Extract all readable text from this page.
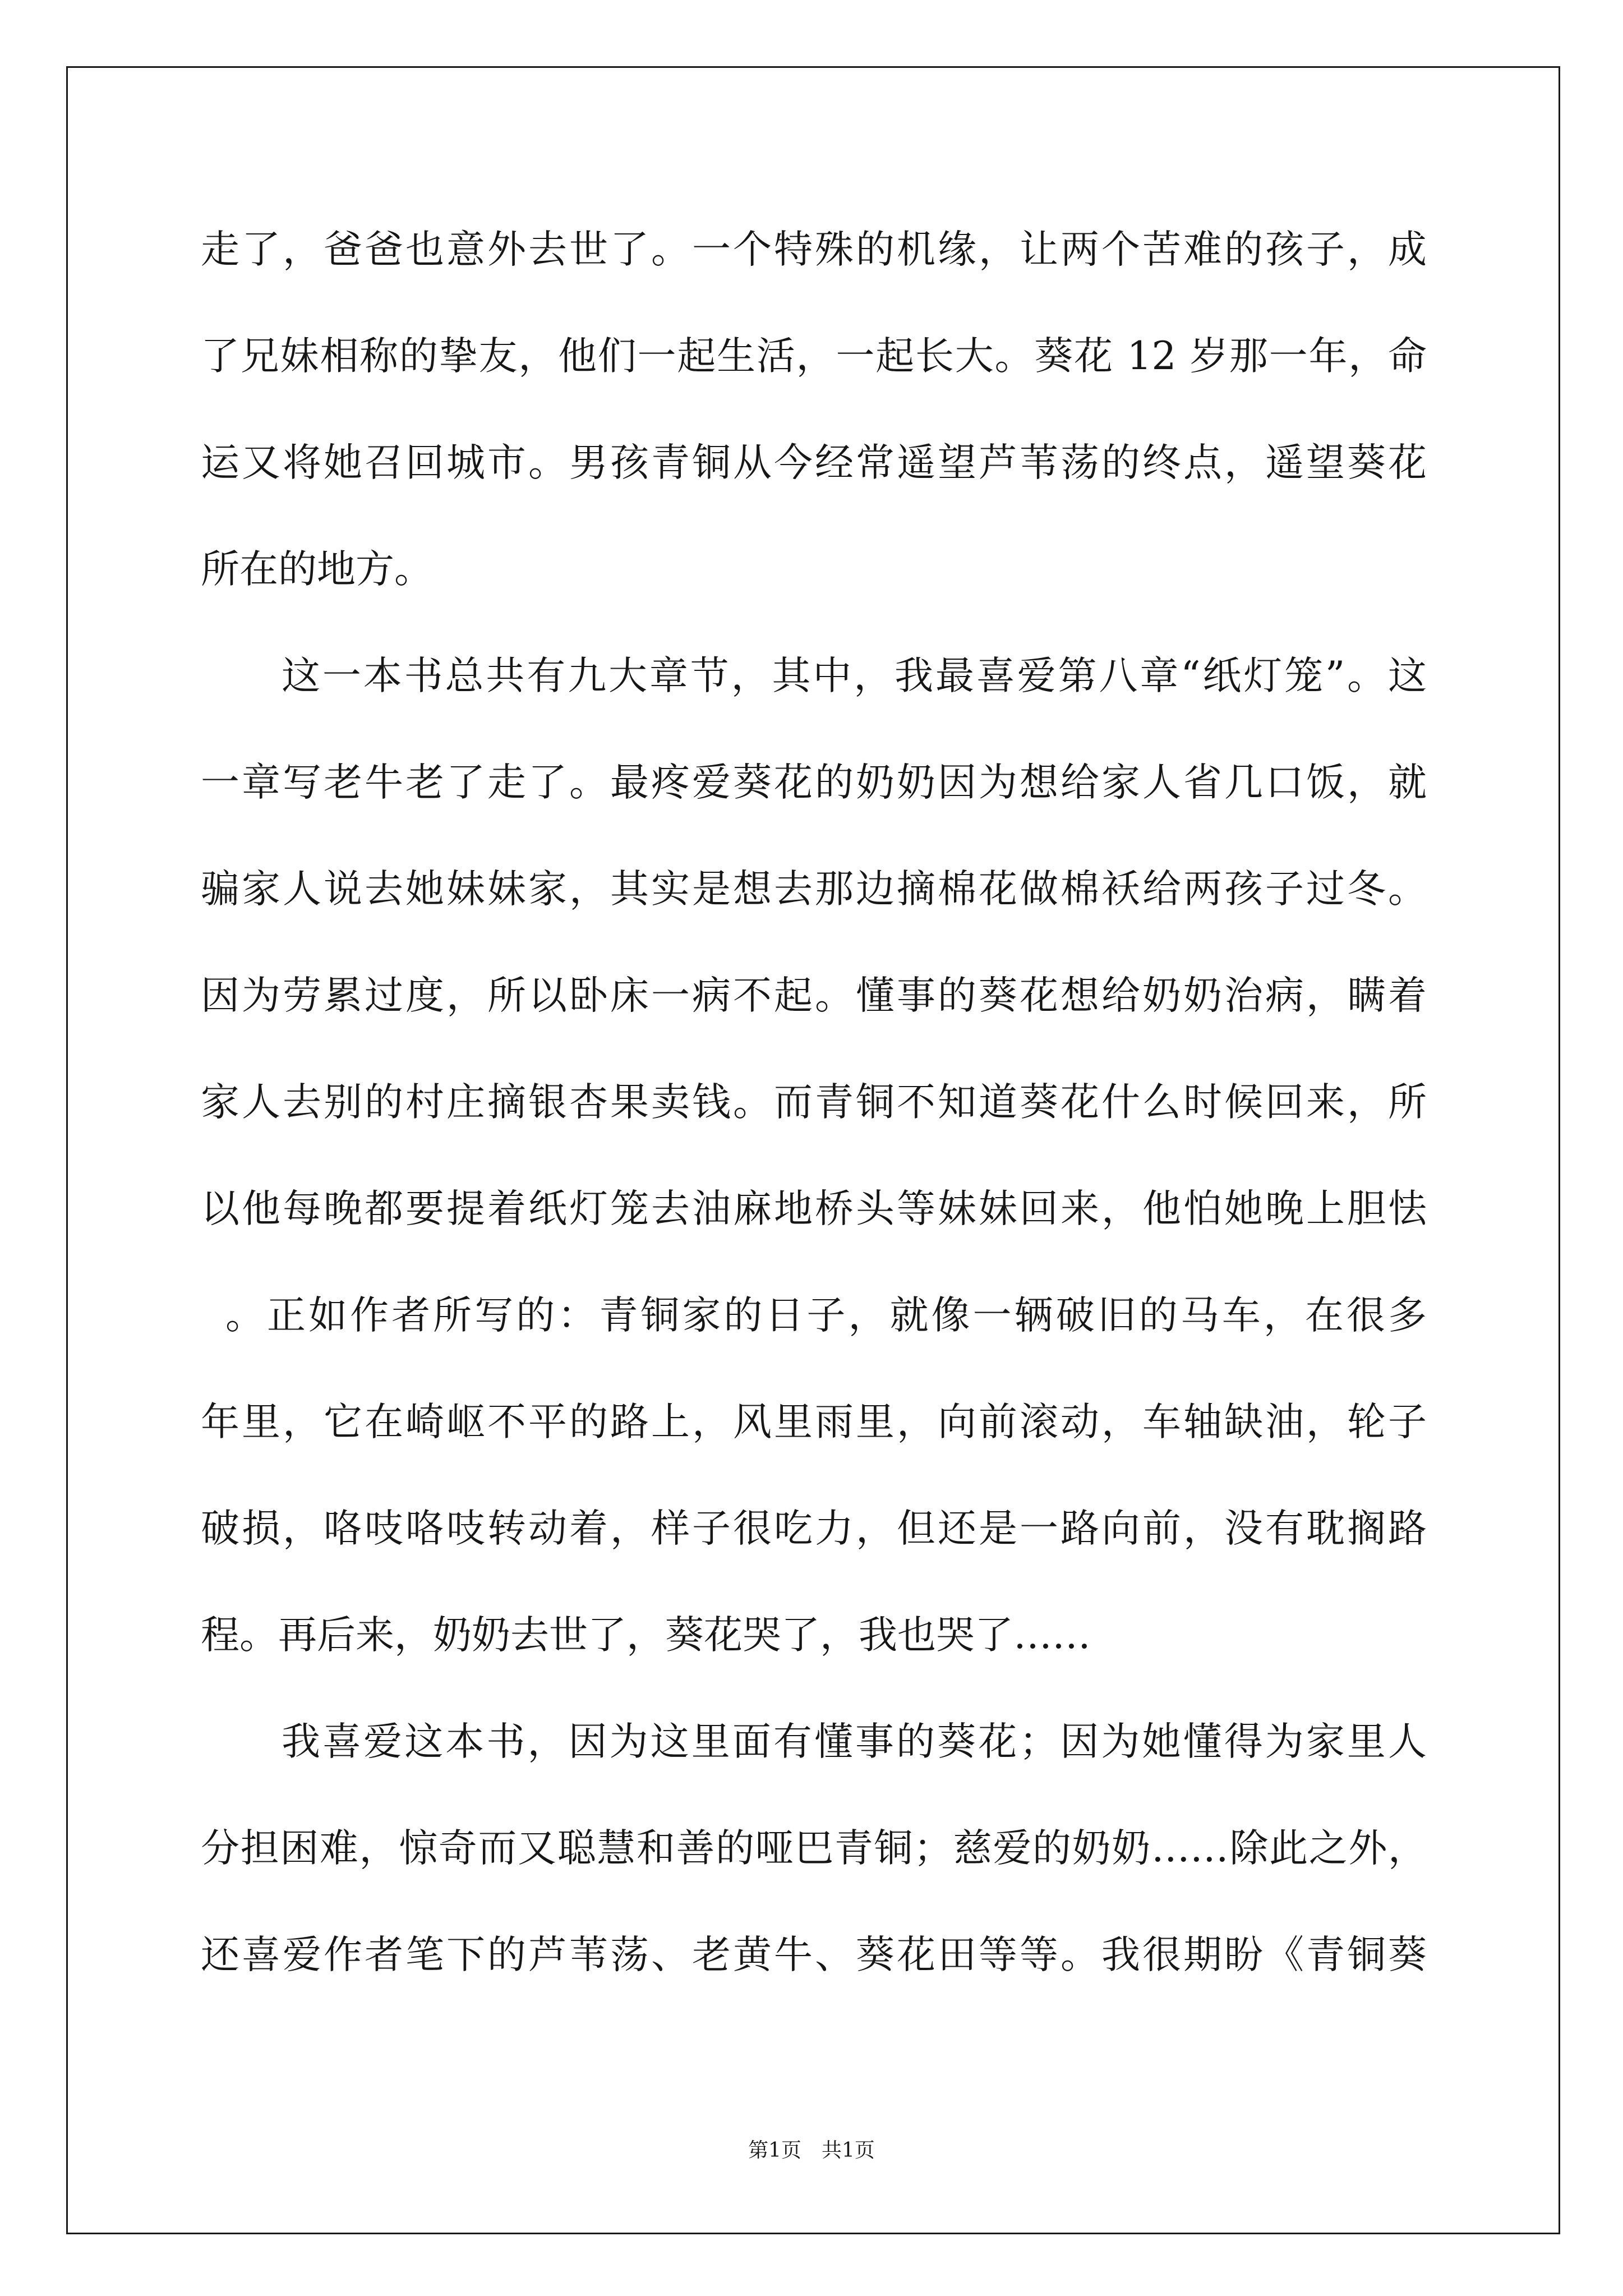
走了，爸爸也意外去世了。一个特殊的机缘，让两个苦难的孩子，成
了兄妹相称的挚友，他们一起生活，一起长大。葵花 12 岁那一年，命
运又将她召回城市。男孩青铜从今经常遥望芦苇荡的终点，遥望葵花
所在的地方。
这一本书总共有九大章节，其中，我最喜爱第八章“纸灯笼”。这
一章写老牛老了走了。最疼爱葵花的奶奶因为想给家人省几口饭，就
骗家人说去她妹妹家，其实是想去那边摘棉花做棉袄给两孩子过冬。
因为劳累过度，所以卧床一病不起。懂事的葵花想给奶奶治病，瞒着
家人去别的村庄摘银杏果卖钱。而青铜不知道葵花什么时候回来，所
以他每晚都要提着纸灯笼去油麻地桥头等妹妹回来，他怕她晚上胆怯
。正如作者所写的：青铜家的日子，就像一辆破旧的马车，在很多
年里，它在崎岖不平的路上，风里雨里，向前滚动，车轴缺油，轮子
破损，咯吱咯吱转动着，样子很吃力，但还是一路向前，没有耽搁路
程。再后来，奶奶去世了，葵花哭了，我也哭了……
我喜爱这本书，因为这里面有懂事的葵花；因为她懂得为家里人
分担困难，惊奇而又聪慧和善的哑巴青铜；慈爱的奶奶……除此之外，
还喜爱作者笔下的芦苇荡、老黄牛、葵花田等等。我很期盼《青铜葵
第1页　共1页
